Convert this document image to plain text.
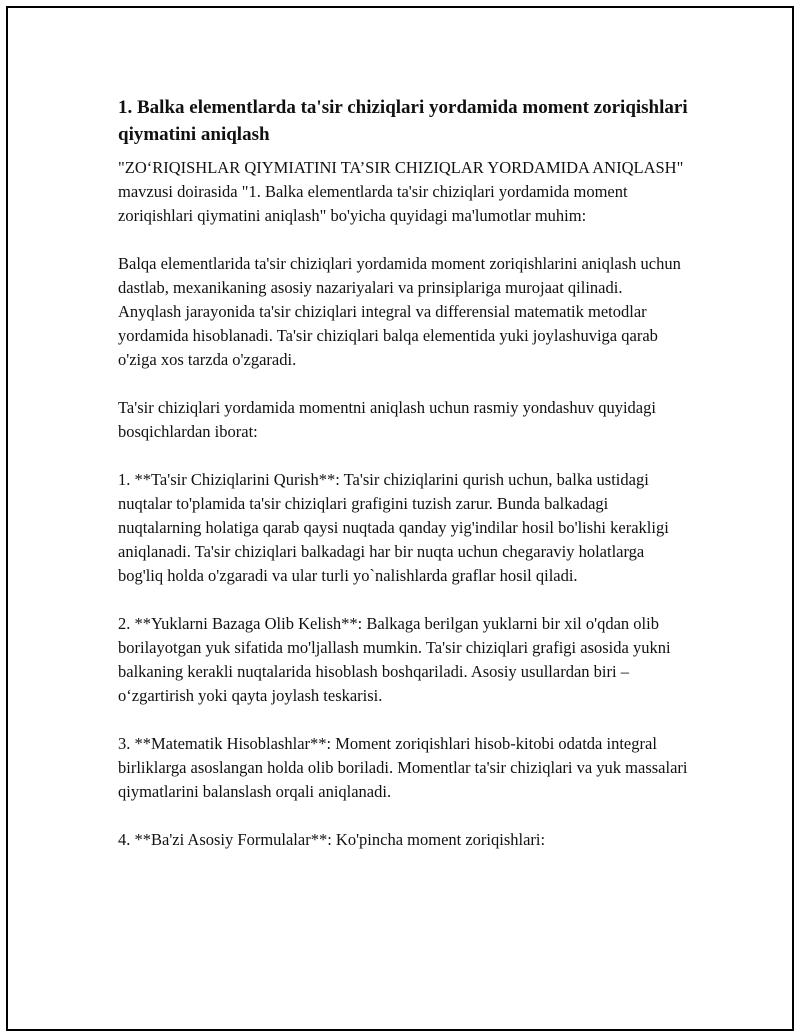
1. Balka elementlarda ta'sir chiziqlari yordamida moment zoriqishlari qiymatini aniqlash

"ZO‘RIQISHLAR QIYMIATINI TA’SIR CHIZIQLAR YORDAMIDA ANIQLASH" mavzusi doirasida "1. Balka elementlarda ta'sir chiziqlari yordamida moment zoriqishlari qiymatini aniqlash" bo'yicha quyidagi ma'lumotlar muhim:

Balqa elementlarida ta'sir chiziqlari yordamida moment zoriqishlarini aniqlash uchun dastlab, mexanikaning asosiy nazariyalari va prinsiplariga murojaat qilinadi. Anyqlash jarayonida ta'sir chiziqlari integral va differensial matematik metodlar yordamida hisoblanadi. Ta'sir chiziqlari balqa elementida yuki joylashuviga qarab o'ziga xos tarzda o'zgaradi.

Ta'sir chiziqlari yordamida momentni aniqlash uchun rasmiy yondashuv quyidagi bosqichlardan iborat:

1. **Ta'sir Chiziqlarini Qurish**: Ta'sir chiziqlarini qurish uchun, balka ustidagi nuqtalar to'plamida ta'sir chiziqlari grafigini tuzish zarur. Bunda balkadagi nuqtalarning holatiga qarab qaysi nuqtada qanday yig'indilar hosil bo'lishi kerakligi aniqlanadi. Ta'sir chiziqlari balkadagi har bir nuqta uchun chegaraviy holatlarga bog'liq holda o'zgaradi va ular turli yo`nalishlarda graflar hosil qiladi.

2. **Yuklarni Bazaga Olib Kelish**: Balkaga berilgan yuklarni bir xil o'qdan olib borilayotgan yuk sifatida mo'ljallash mumkin. Ta'sir chiziqlari grafigi asosida yukni balkaning kerakli nuqtalarida hisoblash boshqariladi. Asosiy usullardan biri – o‘zgartirish yoki qayta joylash teskarisi.

3. **Matematik Hisoblashlar**: Moment zoriqishlari hisob-kitobi odatda integral birliklarga asoslangan holda olib boriladi. Momentlar ta'sir chiziqlari va yuk massalari qiymatlarini balanslash orqali aniqlanadi.

4. **Ba'zi Asosiy Formulalar**: Ko'pincha moment zoriqishlari:
